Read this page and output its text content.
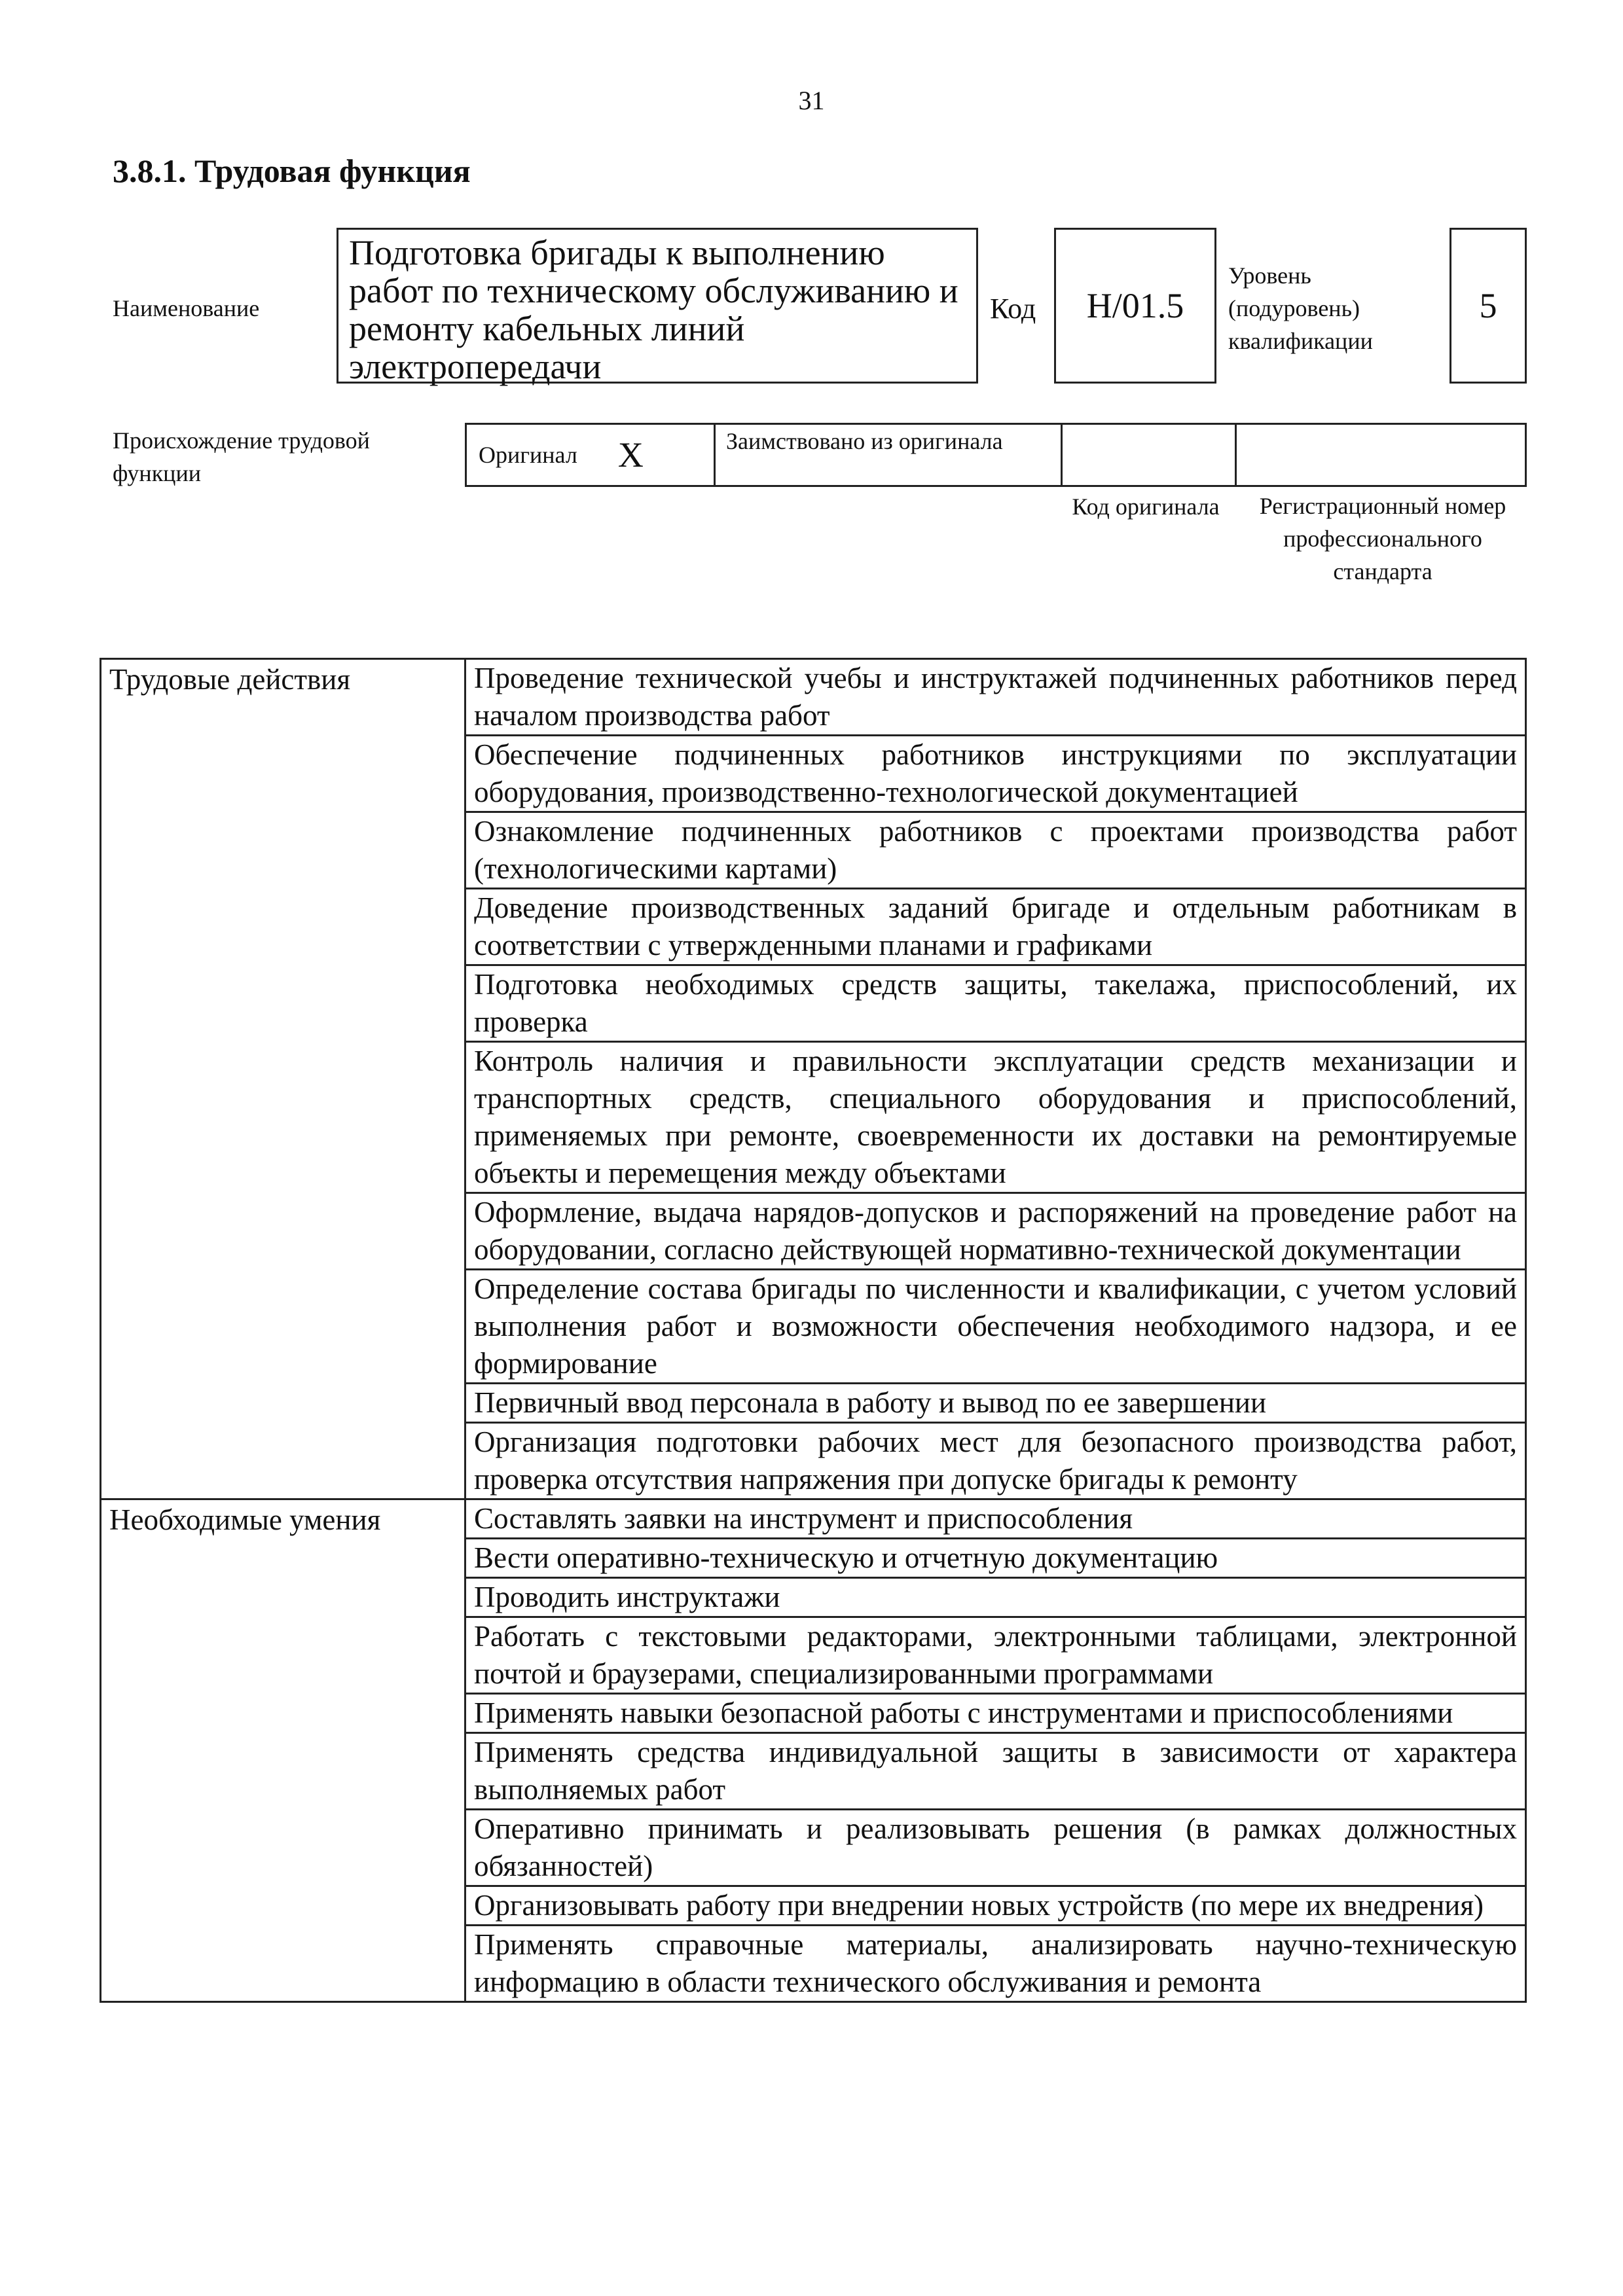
31
3.8.1. Трудовая функция
Наименование
Подготовка бригады к выполнению работ по техническому обслуживанию и ремонту кабельных линий электропередачи
Код H/01.5
Уровень (подуровень) квалификации
5
Происхождение трудовой функции
Оригинал X	Заимствовано из оригинала
Код оригинала	Регистрационный номер профессионального стандарта
Трудовые действия	Проведение технической учебы и инструктажей подчиненных работников перед началом производства работ
	Обеспечение подчиненных работников инструкциями по эксплуатации оборудования, производственно-технологической документацией
	Ознакомление подчиненных работников с проектами производства работ (технологическими картами)
	Доведение производственных заданий бригаде и отдельным работникам в соответствии с утвержденными планами и графиками
	Подготовка необходимых средств защиты, такелажа, приспособлений, их проверка
	Контроль наличия и правильности эксплуатации средств механизации и транспортных средств, специального оборудования и приспособлений, применяемых при ремонте, своевременности их доставки на ремонтируемые объекты и перемещения между объектами
	Оформление, выдача нарядов-допусков и распоряжений на проведение работ на оборудовании, согласно действующей нормативно-технической документации
	Определение состава бригады по численности и квалификации, с учетом условий выполнения работ и возможности обеспечения необходимого надзора, и ее формирование
	Первичный ввод персонала в работу и вывод по ее завершении
	Организация подготовки рабочих мест для безопасного производства работ, проверка отсутствия напряжения при допуске бригады к ремонту
Необходимые умения	Составлять заявки на инструмент и приспособления
	Вести оперативно-техническую и отчетную документацию
	Проводить инструктажи
	Работать с текстовыми редакторами, электронными таблицами, электронной почтой и браузерами, специализированными программами
	Применять навыки безопасной работы с инструментами и приспособлениями
	Применять средства индивидуальной защиты в зависимости от характера выполняемых работ
	Оперативно принимать и реализовывать решения (в рамках должностных обязанностей)
	Организовывать работу при внедрении новых устройств (по мере их внедрения)
	Применять справочные материалы, анализировать научно-техническую информацию в области технического обслуживания и ремонта
